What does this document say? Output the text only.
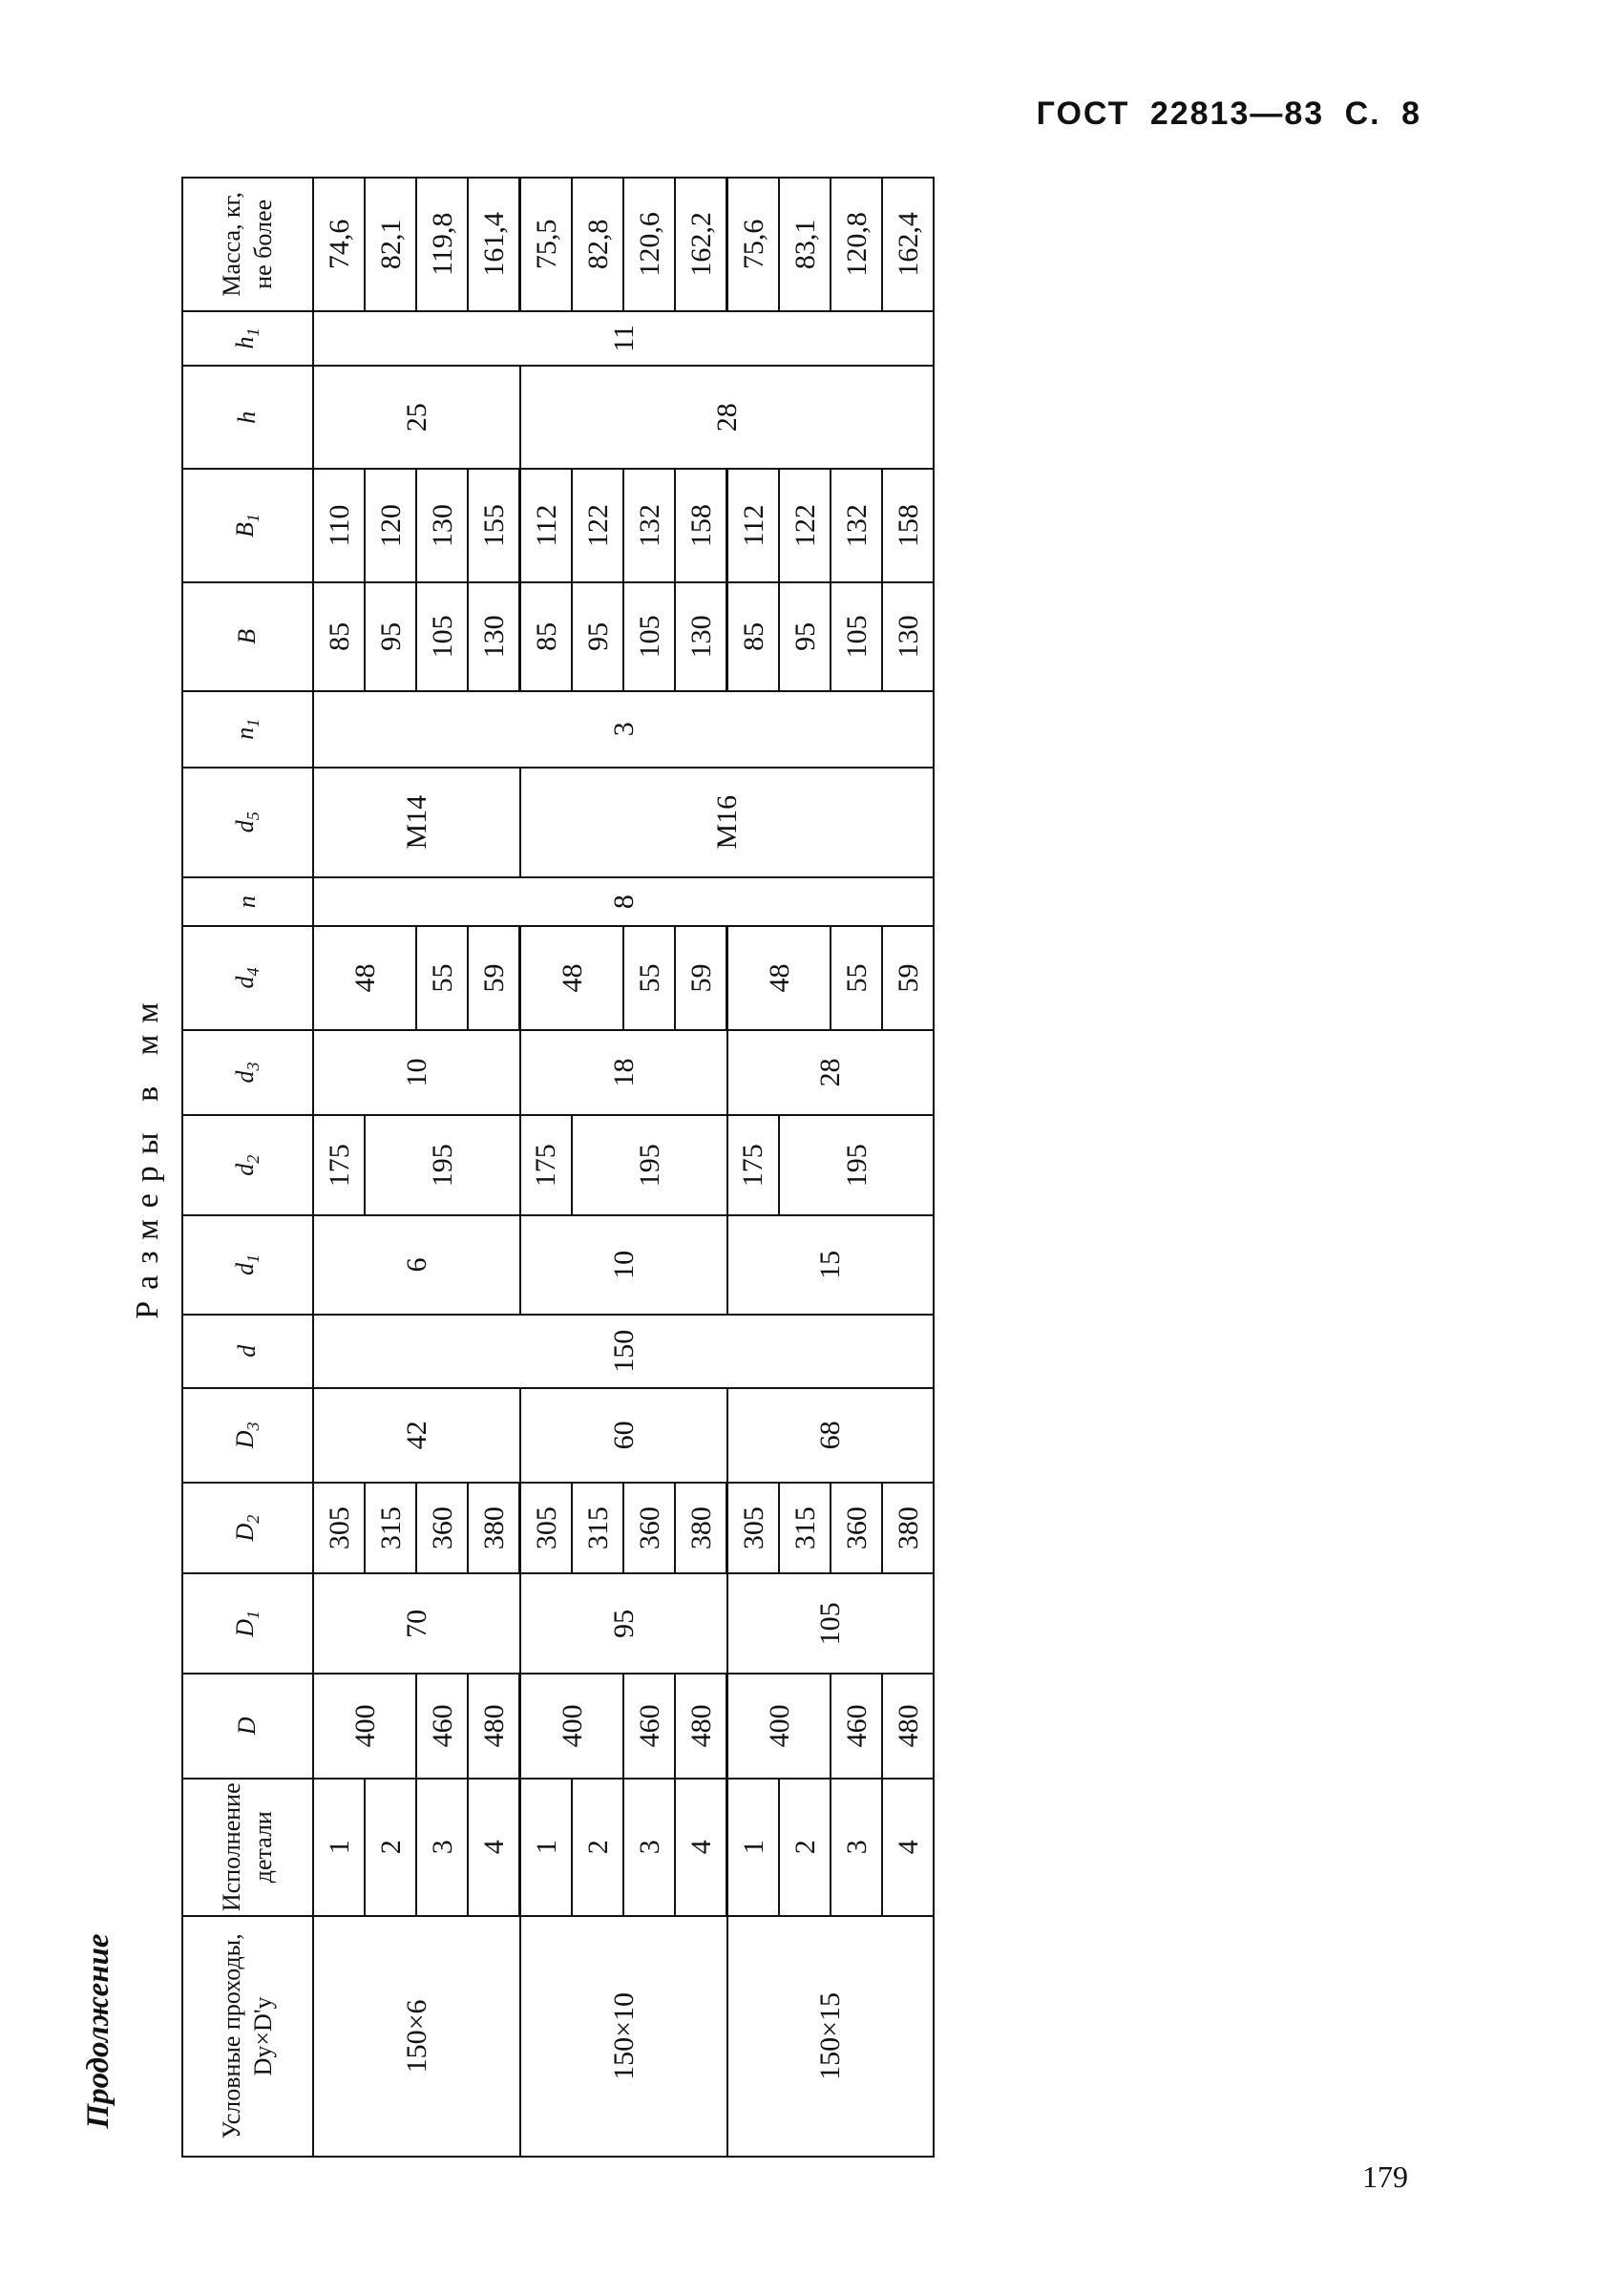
ГОСТ 22813—83 С. 8
Продолжение
Размеры в мм
Условные проходы, Dу×D'у	Исполнение детали	D	$D_1$	$D_2$	$D_3$	d	$d_1$	$d_2$	$d_3$	$d_4$	n	$d_5$	$n_1$	B	$B_1$	h	$h_1$	Масса, кг, не более
150×6	1	400	70	305	42	150	6	175	10	48	8	M14	3	85	110	25	11	74,6
	2			315				195						95	120			82,1
	3	460		360						55				105	130			119,8
	4	480		380						59				130	155			161,4
150×10	1	400	95	305	60		10	175	18	48		M16		85	112	28		75,5
	2			315				195						95	122			82,8
	3	460		360						55				105	132			120,6
	4	480		380						59				130	158			162,2
150×15	1	400	105	305	68		15	175	28	48				85	112			75,6
	2			315				195						95	122			83,1
	3	460		360						55				105	132			120,8
	4	480		380						59				130	158			162,4
179
